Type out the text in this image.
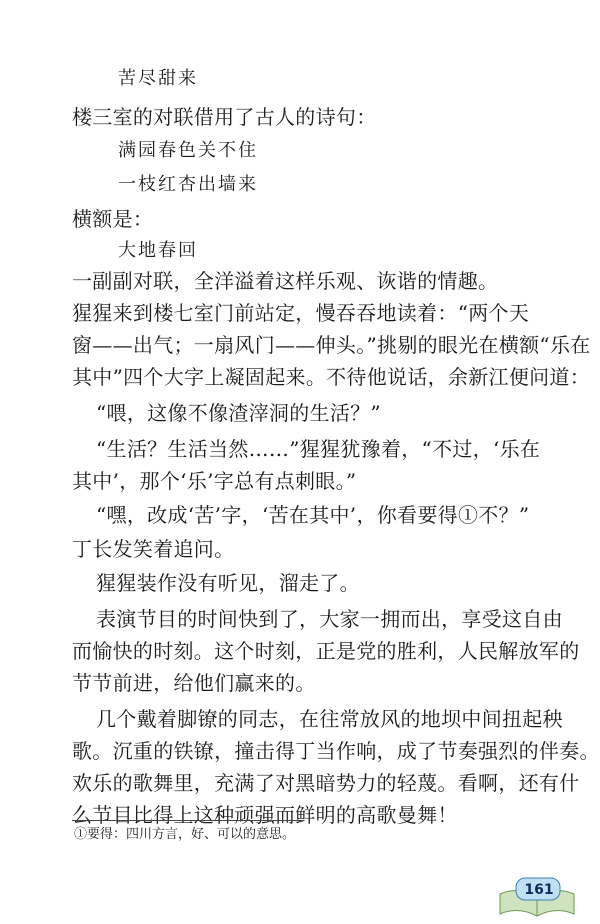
苦尽甜来
楼三室的对联借用了古人的诗句：
满园春色关不住
一枝红杏出墙来
横额是：
大地春回
一副副对联，全洋溢着这样乐观、诙谐的情趣。
猩猩来到楼七室门前站定，慢吞吞地读着：“两个天
窗——出气；一扇风门——伸头。”挑剔的眼光在横额“乐在
其中”四个大字上凝固起来。不待他说话，余新江便问道：
“喂，这像不像渣滓洞的生活？”
“生活？生活当然……”猩猩犹豫着，“不过，‘乐在
其中’，那个‘乐’字总有点刺眼。”
“嘿，改成‘苦’字，‘苦在其中’，你看要得①不？”
丁长发笑着追问。
猩猩装作没有听见，溜走了。
表演节目的时间快到了，大家一拥而出，享受这自由
而愉快的时刻。这个时刻，正是党的胜利，人民解放军的
节节前进，给他们赢来的。
几个戴着脚镣的同志，在往常放风的地坝中间扭起秧
歌。沉重的铁镣，撞击得丁当作响，成了节奏强烈的伴奏。
欢乐的歌舞里，充满了对黑暗势力的轻蔑。看啊，还有什
么节目比得上这种顽强而鲜明的高歌曼舞！
①要得：四川方言，好、可以的意思。
161
